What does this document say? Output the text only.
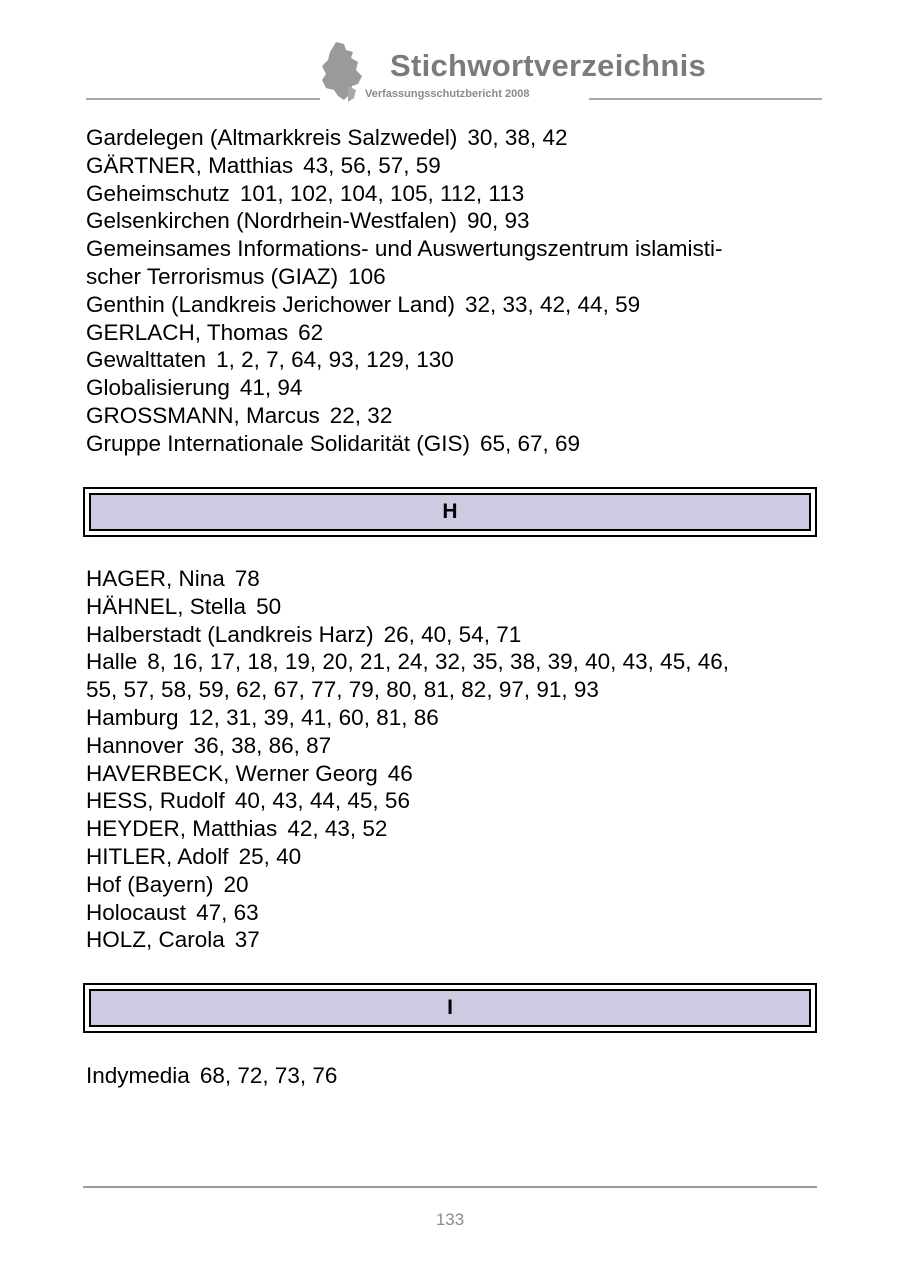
Stichwortverzeichnis
Verfassungsschutzbericht 2008
Gardelegen (Altmarkkreis Salzwedel) 30, 38, 42
GÄRTNER, Matthias 43, 56, 57, 59
Geheimschutz 101, 102, 104, 105, 112, 113
Gelsenkirchen (Nordrhein-Westfalen) 90, 93
Gemeinsames Informations- und Auswertungszentrum islamisti-
scher Terrorismus (GIAZ) 106
Genthin (Landkreis Jerichower Land) 32, 33, 42, 44, 59
GERLACH, Thomas 62
Gewalttaten 1, 2, 7, 64, 93, 129, 130
Globalisierung 41, 94
GROSSMANN, Marcus 22, 32
Gruppe Internationale Solidarität (GIS) 65, 67, 69
H
HAGER, Nina 78
HÄHNEL, Stella 50
Halberstadt (Landkreis Harz) 26, 40, 54, 71
Halle 8, 16, 17, 18, 19, 20, 21, 24, 32, 35, 38, 39, 40, 43, 45, 46,
55, 57, 58, 59, 62, 67, 77, 79, 80, 81, 82, 97, 91, 93
Hamburg 12, 31, 39, 41, 60, 81, 86
Hannover 36, 38, 86, 87
HAVERBECK, Werner Georg 46
HESS, Rudolf 40, 43, 44, 45, 56
HEYDER, Matthias 42, 43, 52
HITLER, Adolf 25, 40
Hof (Bayern) 20
Holocaust 47, 63
HOLZ, Carola 37
I
Indymedia 68, 72, 73, 76
133
